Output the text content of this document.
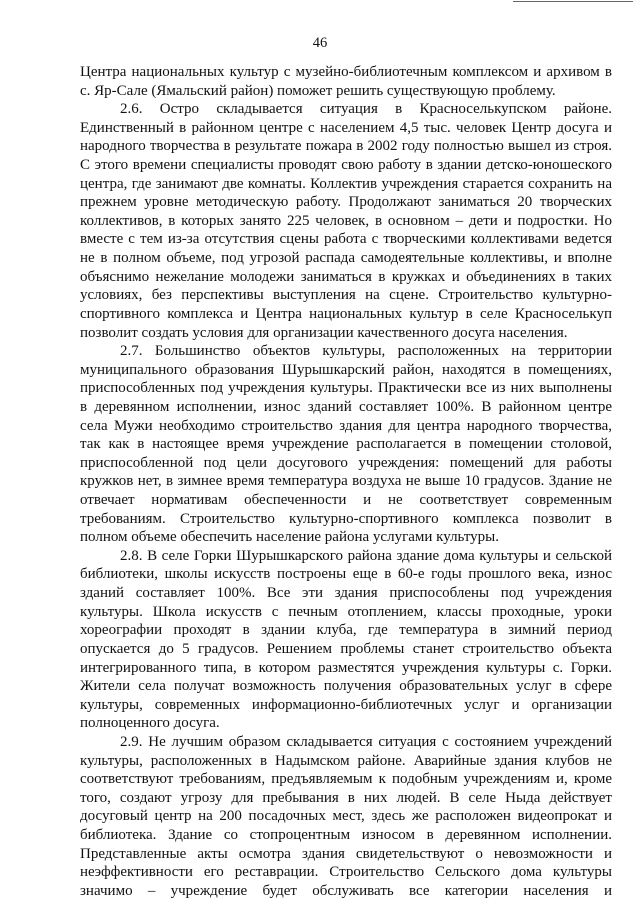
46
Центра национальных культур с музейно-библиотечным комплексом и архивом в
с. Яр-Сале (Ямальский район) поможет решить существующую проблему.
2.6. Остро складывается ситуация в Красноселькупском районе.
Единственный в районном центре с населением 4,5 тыс. человек Центр досуга и
народного творчества в результате пожара в 2002 году полностью вышел из строя.
С этого времени специалисты проводят свою работу в здании детско-юношеского
центра, где занимают две комнаты. Коллектив учреждения старается сохранить на
прежнем уровне методическую работу. Продолжают заниматься 20 творческих
коллективов, в которых занято 225 человек, в основном – дети и подростки. Но
вместе с тем из-за отсутствия сцены работа с творческими коллективами ведется
не в полном объеме, под угрозой распада самодеятельные коллективы, и вполне
объяснимо нежелание молодежи заниматься в кружках и объединениях в таких
условиях, без перспективы выступления на сцене. Строительство культурно-
спортивного комплекса и Центра национальных культур в селе Красноселькуп
позволит создать условия для организации качественного досуга населения.
2.7. Большинство объектов культуры, расположенных на территории
муниципального образования Шурышкарский район, находятся в помещениях,
приспособленных под учреждения культуры. Практически все из них выполнены
в деревянном исполнении, износ зданий составляет 100%. В районном центре
села Мужи необходимо строительство здания для центра народного творчества,
так как в настоящее время учреждение располагается в помещении столовой,
приспособленной под цели досугового учреждения: помещений для работы
кружков нет, в зимнее время температура воздуха не выше 10 градусов. Здание не
отвечает нормативам обеспеченности и не соответствует современным
требованиям. Строительство культурно-спортивного комплекса позволит в
полном объеме обеспечить население района услугами культуры.
2.8. В селе Горки Шурышкарского района здание дома культуры и сельской
библиотеки, школы искусств построены еще в 60-е годы прошлого века, износ
зданий составляет 100%. Все эти здания приспособлены под учреждения
культуры. Школа искусств с печным отоплением, классы проходные, уроки
хореографии проходят в здании клуба, где температура в зимний период
опускается до 5 градусов. Решением проблемы станет строительство объекта
интегрированного типа, в котором разместятся учреждения культуры с. Горки.
Жители села получат возможность получения образовательных услуг в сфере
культуры, современных информационно-библиотечных услуг и организации
полноценного досуга.
2.9. Не лучшим образом складывается ситуация с состоянием учреждений
культуры, расположенных в Надымском районе. Аварийные здания клубов не
соответствуют требованиям, предъявляемым к подобным учреждениям и, кроме
того, создают угрозу для пребывания в них людей. В селе Ныда действует
досуговый центр на 200 посадочных мест, здесь же расположен видеопрокат и
библиотека. Здание со стопроцентным износом в деревянном исполнении.
Представленные акты осмотра здания свидетельствуют о невозможности и
неэффективности его реставрации. Строительство Сельского дома культуры
значимо – учреждение будет обслуживать все категории населения и
